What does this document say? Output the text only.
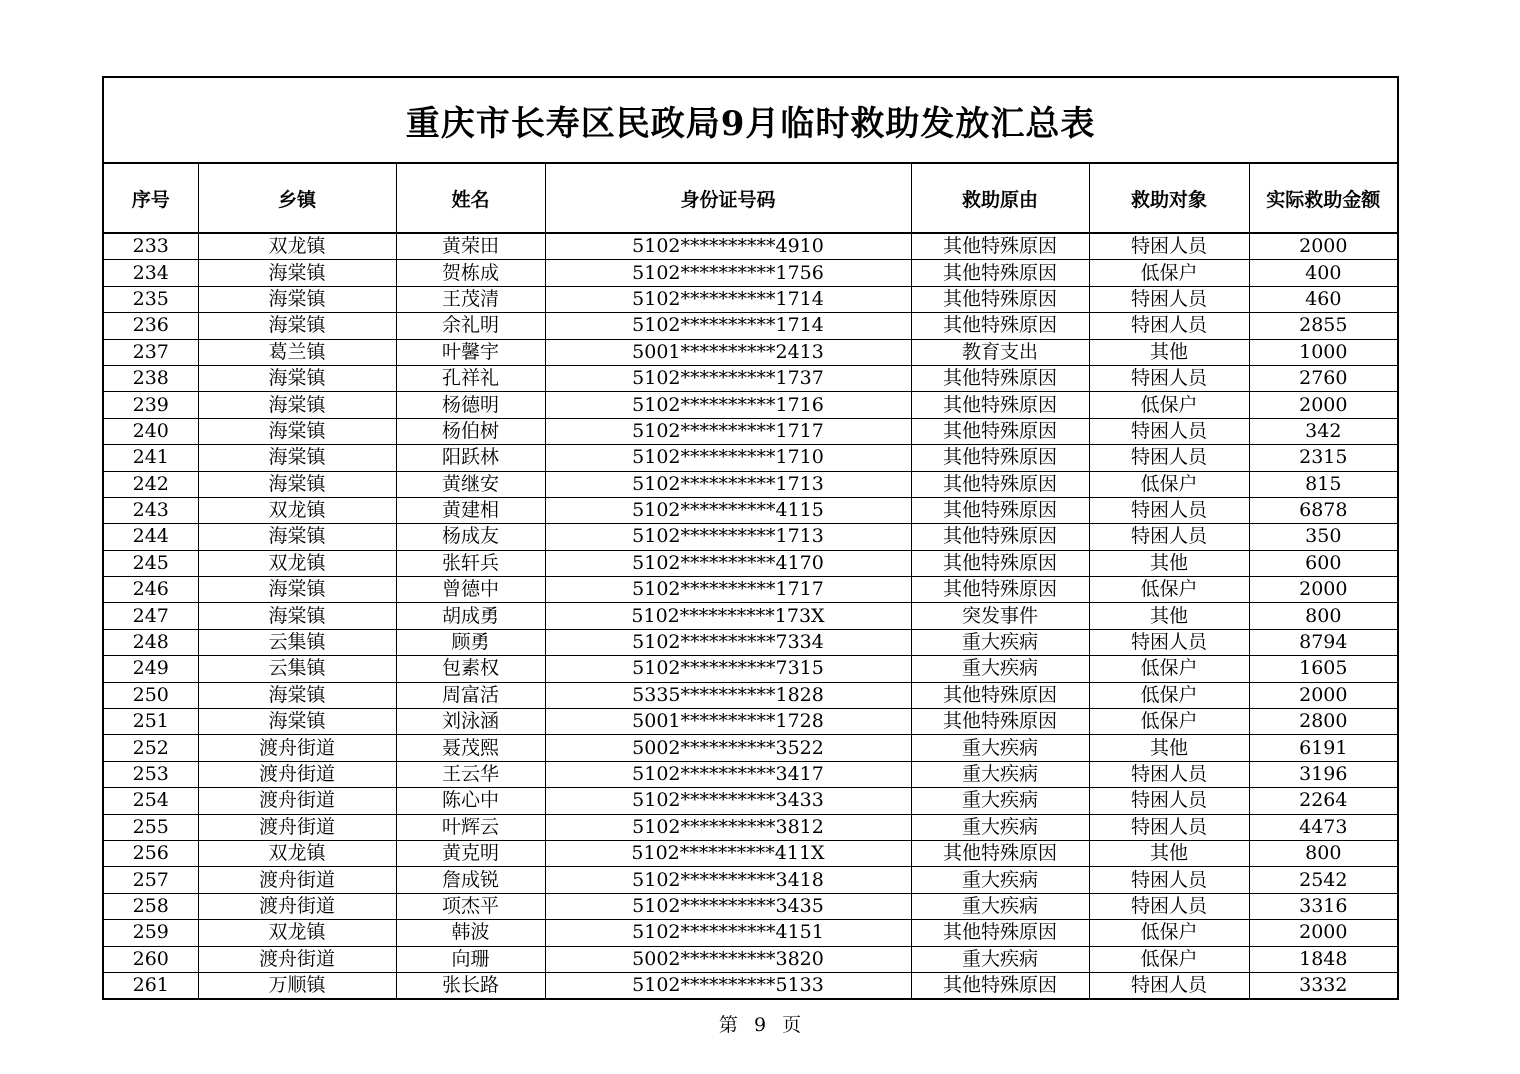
重庆市长寿区民政局9月临时救助发放汇总表						
序号	乡镇	姓名	身份证号码	救助原由	救助对象	实际救助金额
233	双龙镇	黄荣田	5102**********4910	其他特殊原因	特困人员	2000
234	海棠镇	贺栋成	5102**********1756	其他特殊原因	低保户	400
235	海棠镇	王茂清	5102**********1714	其他特殊原因	特困人员	460
236	海棠镇	余礼明	5102**********1714	其他特殊原因	特困人员	2855
237	葛兰镇	叶馨宇	5001**********2413	教育支出	其他	1000
238	海棠镇	孔祥礼	5102**********1737	其他特殊原因	特困人员	2760
239	海棠镇	杨德明	5102**********1716	其他特殊原因	低保户	2000
240	海棠镇	杨伯树	5102**********1717	其他特殊原因	特困人员	342
241	海棠镇	阳跃林	5102**********1710	其他特殊原因	特困人员	2315
242	海棠镇	黄继安	5102**********1713	其他特殊原因	低保户	815
243	双龙镇	黄建相	5102**********4115	其他特殊原因	特困人员	6878
244	海棠镇	杨成友	5102**********1713	其他特殊原因	特困人员	350
245	双龙镇	张轩兵	5102**********4170	其他特殊原因	其他	600
246	海棠镇	曾德中	5102**********1717	其他特殊原因	低保户	2000
247	海棠镇	胡成勇	5102**********173X	突发事件	其他	800
248	云集镇	顾勇	5102**********7334	重大疾病	特困人员	8794
249	云集镇	包素权	5102**********7315	重大疾病	低保户	1605
250	海棠镇	周富活	5335**********1828	其他特殊原因	低保户	2000
251	海棠镇	刘泳涵	5001**********1728	其他特殊原因	低保户	2800
252	渡舟街道	聂茂熙	5002**********3522	重大疾病	其他	6191
253	渡舟街道	王云华	5102**********3417	重大疾病	特困人员	3196
254	渡舟街道	陈心中	5102**********3433	重大疾病	特困人员	2264
255	渡舟街道	叶辉云	5102**********3812	重大疾病	特困人员	4473
256	双龙镇	黄克明	5102**********411X	其他特殊原因	其他	800
257	渡舟街道	詹成锐	5102**********3418	重大疾病	特困人员	2542
258	渡舟街道	项杰平	5102**********3435	重大疾病	特困人员	3316
259	双龙镇	韩波	5102**********4151	其他特殊原因	低保户	2000
260	渡舟街道	向珊	5002**********3820	重大疾病	低保户	1848
261	万顺镇	张长路	5102**********5133	其他特殊原因	特困人员	3332
第 9 页
